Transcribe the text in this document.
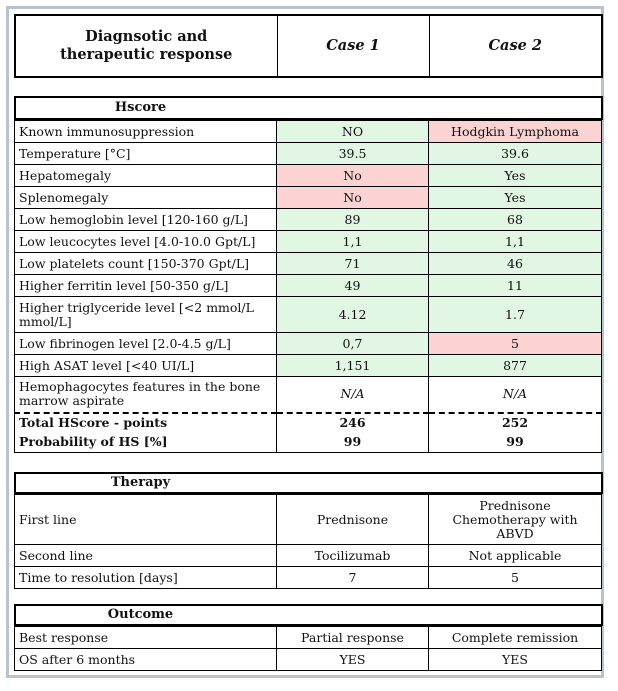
Diagnsotic and therapeutic response	Case 1	Case 2
Hscore
Known immunosuppression	NO	Hodgkin Lymphoma
Temperature [°C]	39.5	39.6
Hepatomegaly	No	Yes
Splenomegaly	No	Yes
Low hemoglobin level [120-160 g/L]	89	68
Low leucocytes level [4.0-10.0 Gpt/L]	1,1	1,1
Low platelets count [150-370 Gpt/L]	71	46
Higher ferritin level [50-350 g/L]	49	11
Higher triglyceride level [<2 mmol/L mmol/L]	4.12	1.7
Low fibrinogen level [2.0-4.5 g/L]	0,7	5
High ASAT level [<40 UI/L]	1,151	877
Hemophagocytes features in the bone marrow aspirate	N/A	N/A
Total HScore - points	246	252
Probability of HS [%]	99	99
Therapy
First line	Prednisone	Prednisone Chemotherapy with ABVD
Second line	Tocilizumab	Not applicable
Time to resolution [days]	7	5
Outcome
Best response	Partial response	Complete remission
OS after 6 months	YES	YES
